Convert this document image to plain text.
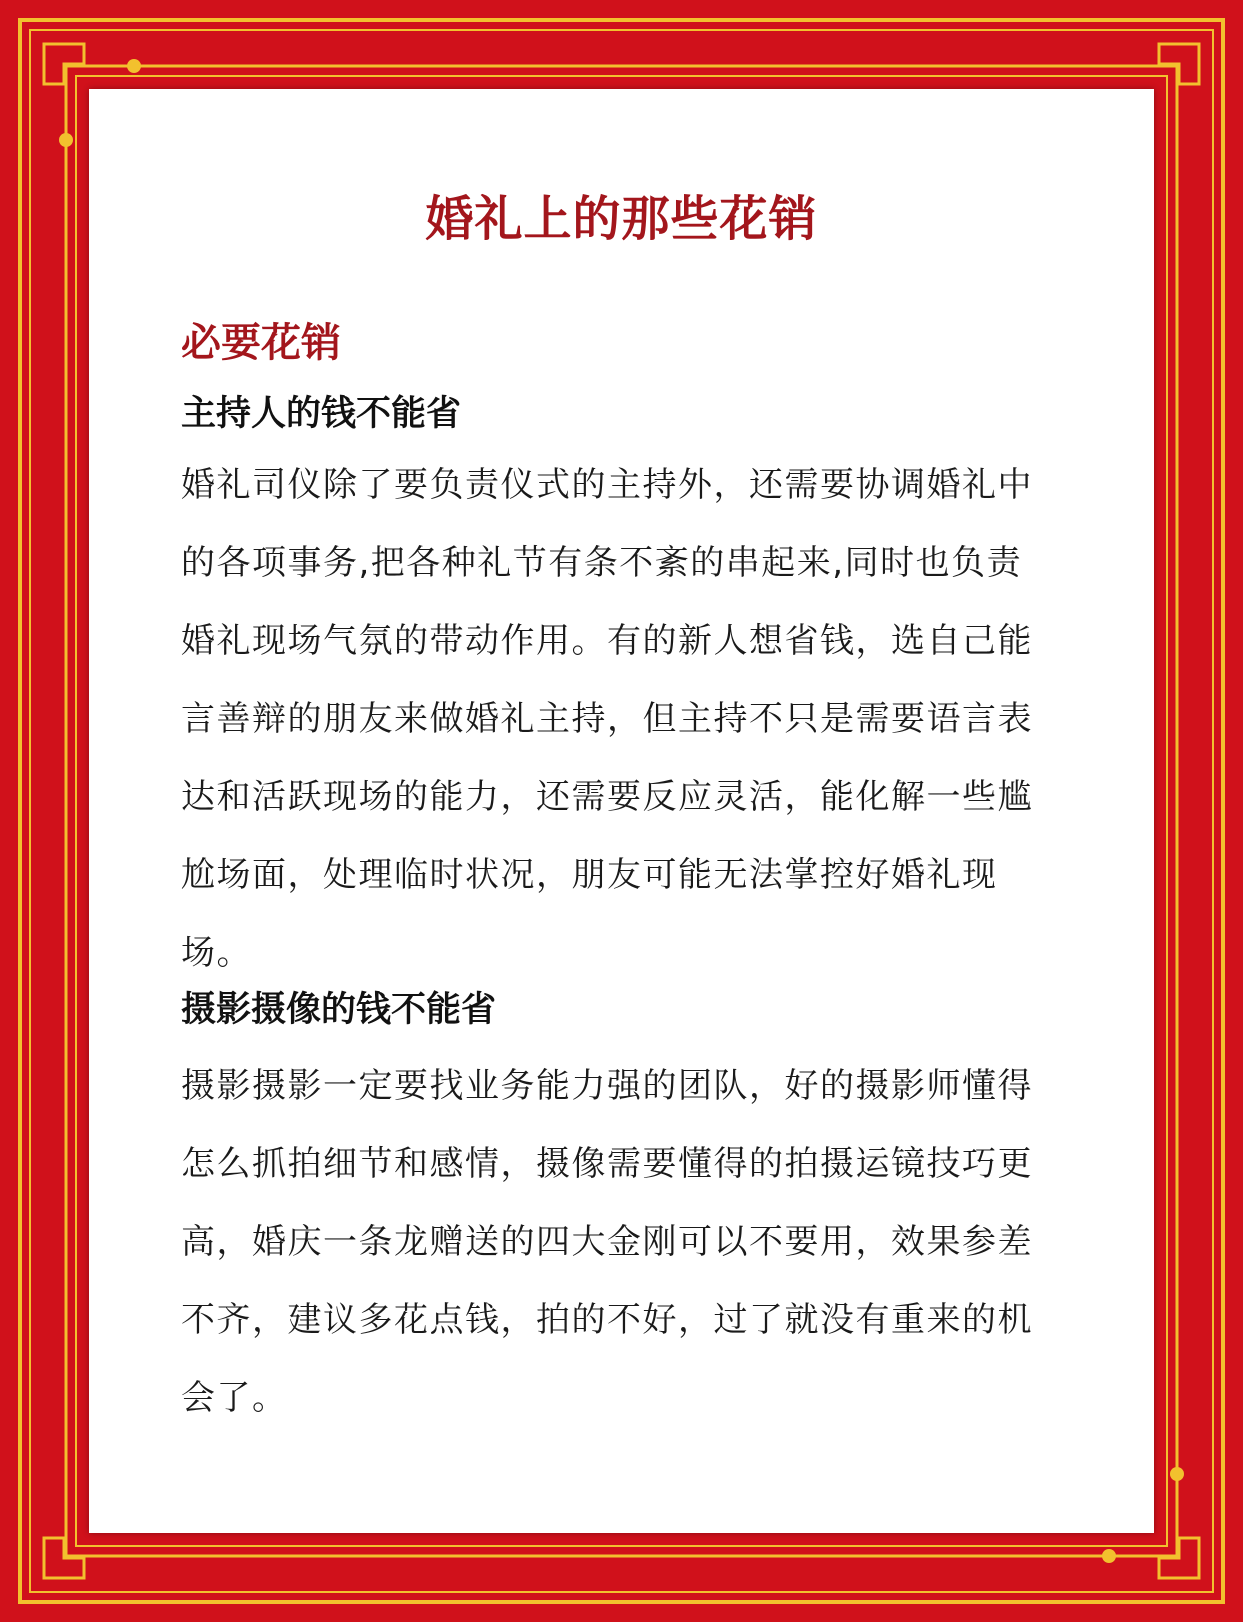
婚礼上的那些花销
必要花销
主持人的钱不能省
婚礼司仪除了要负责仪式的主持外，还需要协调婚礼中
的各项事务,把各种礼节有条不紊的串起来,同时也负责
婚礼现场气氛的带动作用。有的新人想省钱，选自己能
言善辩的朋友来做婚礼主持，但主持不只是需要语言表
达和活跃现场的能力，还需要反应灵活，能化解一些尴
尬场面，处理临时状况，朋友可能无法掌控好婚礼现
场。
摄影摄像的钱不能省
摄影摄影一定要找业务能力强的团队，好的摄影师懂得
怎么抓拍细节和感情，摄像需要懂得的拍摄运镜技巧更
高，婚庆一条龙赠送的四大金刚可以不要用，效果参差
不齐，建议多花点钱，拍的不好，过了就没有重来的机
会了。
